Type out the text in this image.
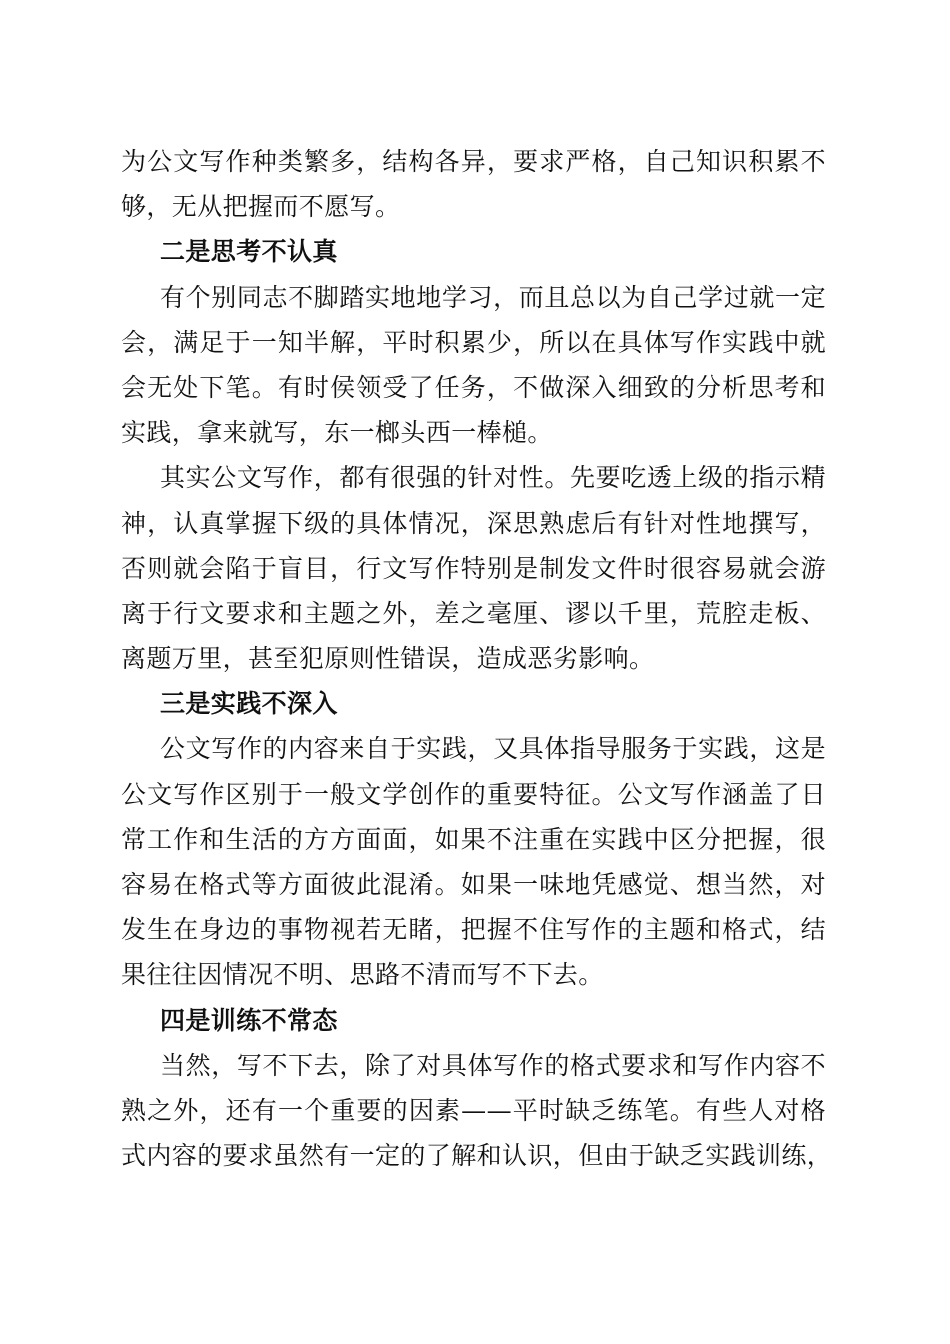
为公文写作种类繁多，结构各异，要求严格，自己知识积累不
够，无从把握而不愿写。
二是思考不认真
有个别同志不脚踏实地地学习，而且总以为自己学过就一定
会，满足于一知半解，平时积累少，所以在具体写作实践中就
会无处下笔。有时侯领受了任务，不做深入细致的分析思考和
实践，拿来就写，东一榔头西一棒槌。
其实公文写作，都有很强的针对性。先要吃透上级的指示精
神，认真掌握下级的具体情况，深思熟虑后有针对性地撰写，
否则就会陷于盲目，行文写作特别是制发文件时很容易就会游
离于行文要求和主题之外，差之毫厘、谬以千里，荒腔走板、
离题万里，甚至犯原则性错误，造成恶劣影响。
三是实践不深入
公文写作的内容来自于实践，又具体指导服务于实践，这是
公文写作区别于一般文学创作的重要特征。公文写作涵盖了日
常工作和生活的方方面面，如果不注重在实践中区分把握，很
容易在格式等方面彼此混淆。如果一味地凭感觉、想当然，对
发生在身边的事物视若无睹，把握不住写作的主题和格式，结
果往往因情况不明、思路不清而写不下去。
四是训练不常态
当然，写不下去，除了对具体写作的格式要求和写作内容不
熟之外，还有一个重要的因素——平时缺乏练笔。有些人对格
式内容的要求虽然有一定的了解和认识，但由于缺乏实践训练，
